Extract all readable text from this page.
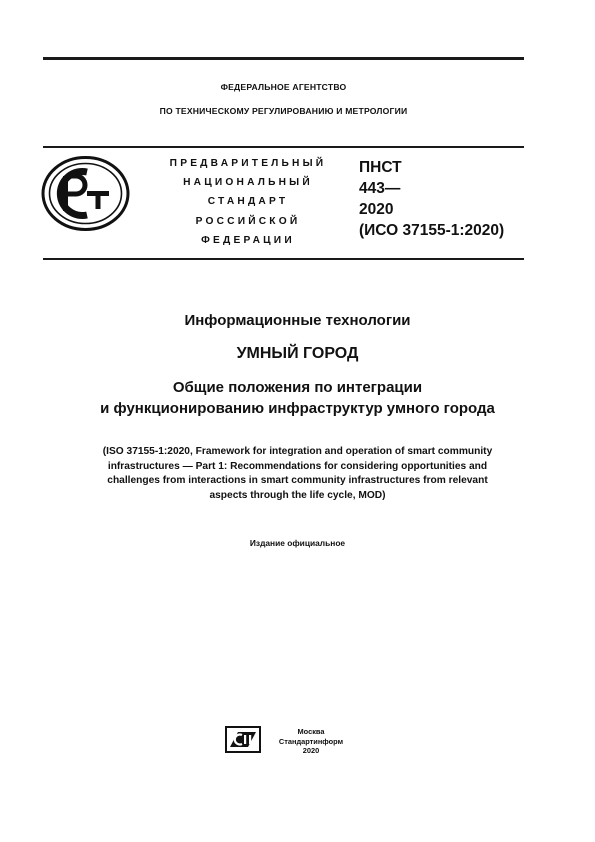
ФЕДЕРАЛЬНОЕ АГЕНТСТВО
ПО ТЕХНИЧЕСКОМУ РЕГУЛИРОВАНИЮ И МЕТРОЛОГИИ
ПРЕДВАРИТЕЛЬНЫЙ
НАЦИОНАЛЬНЫЙ
СТАНДАРТ
РОССИЙСКОЙ
ФЕДЕРАЦИИ
ПНСТ
443—
2020
(ИСО 37155-1:2020)
Информационные технологии
УМНЫЙ ГОРОД
Общие положения по интеграции
и функционированию инфраструктур умного города
(ISO 37155-1:2020, Framework for integration and operation of smart community
infrastructures — Part 1: Recommendations for considering opportunities and
challenges from interactions in smart community infrastructures from relevant
aspects through the life cycle, MOD)
Издание официальное
Москва
Стандартинформ
2020
